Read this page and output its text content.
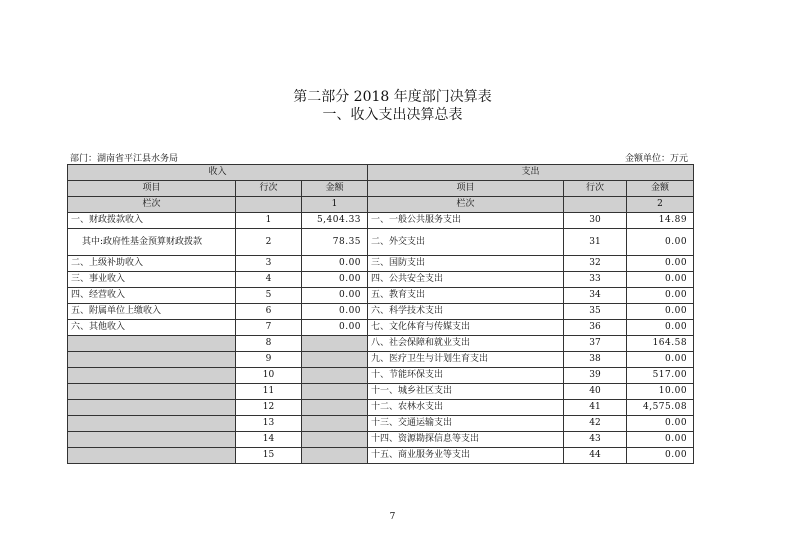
第二部分 2018 年度部门决算表
一、收入支出决算总表
部门：湖南省平江县水务局	金额单位：万元
收入			支出		
项目	行次	金额	项目	行次	金额
栏次		1	栏次		2
一、财政拨款收入	1	5,404.33	一、一般公共服务支出	30	14.89
其中:政府性基金预算财政拨款	2	78.35	二、外交支出	31	0.00
二、上级补助收入	3	0.00	三、国防支出	32	0.00
三、事业收入	4	0.00	四、公共安全支出	33	0.00
四、经营收入	5	0.00	五、教育支出	34	0.00
五、附属单位上缴收入	6	0.00	六、科学技术支出	35	0.00
六、其他收入	7	0.00	七、文化体育与传媒支出	36	0.00
	8		八、社会保障和就业支出	37	164.58
	9		九、医疗卫生与计划生育支出	38	0.00
	10		十、节能环保支出	39	517.00
	11		十一、城乡社区支出	40	10.00
	12		十二、农林水支出	41	4,575.08
	13		十三、交通运输支出	42	0.00
	14		十四、资源勘探信息等支出	43	0.00
	15		十五、商业服务业等支出	44	0.00
7
